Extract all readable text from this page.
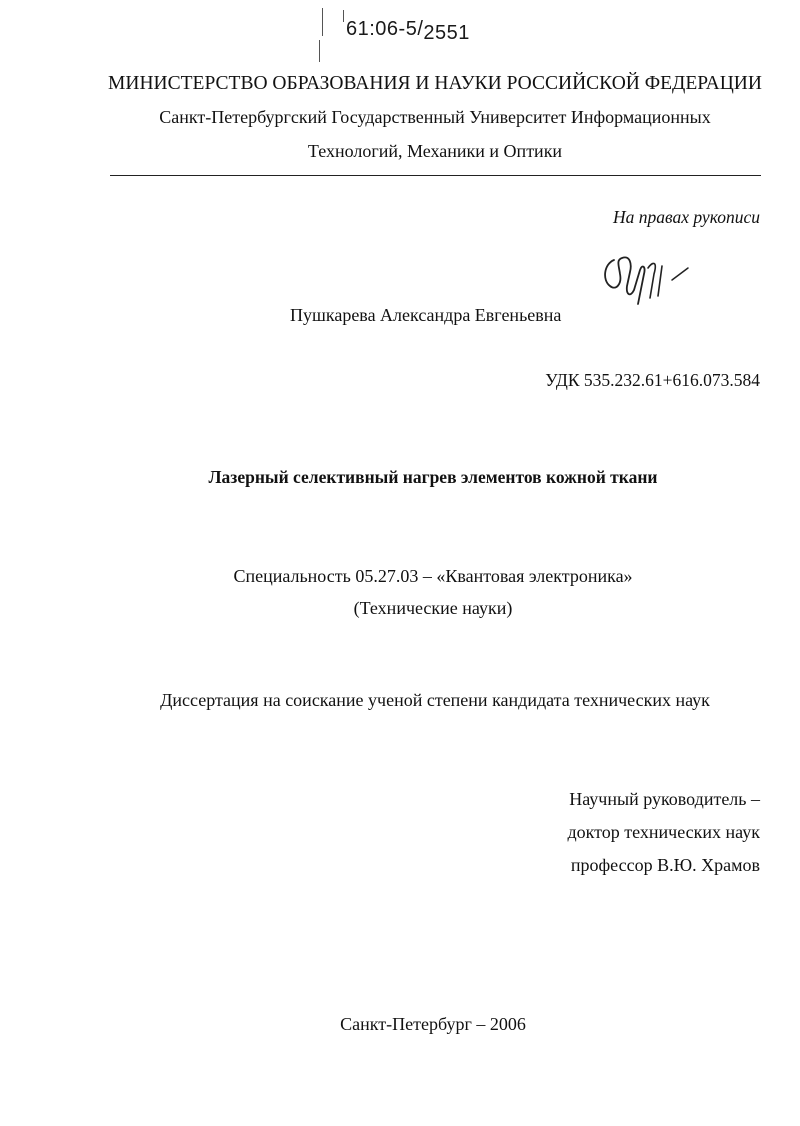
61:06-5/2551
МИНИСТЕРСТВО ОБРАЗОВАНИЯ И НАУКИ РОССИЙСКОЙ ФЕДЕРАЦИИ
Санкт-Петербургский Государственный Университет Информационных
Технологий, Механики и Оптики
На правах рукописи
Пушкарева Александра Евгеньевна
УДК 535.232.61+616.073.584
Лазерный селективный нагрев элементов кожной ткани
Специальность 05.27.03 – «Квантовая электроника»
(Технические науки)
Диссертация на соискание ученой степени кандидата технических наук
Научный руководитель –
доктор технических наук
профессор В.Ю. Храмов
Санкт-Петербург – 2006
